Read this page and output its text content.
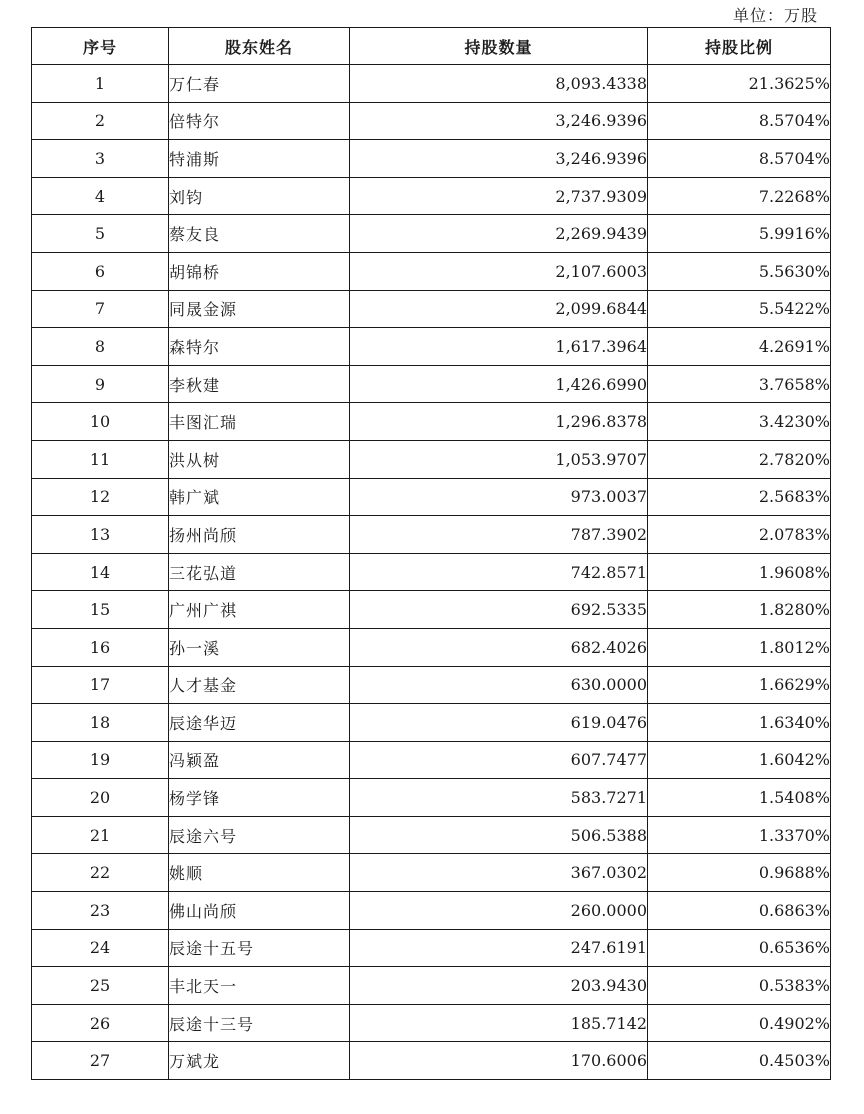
单位：万股
序号	股东姓名	持股数量	持股比例
1	万仁春	8,093.4338	21.3625%
2	倍特尔	3,246.9396	8.5704%
3	特浦斯	3,246.9396	8.5704%
4	刘钧	2,737.9309	7.2268%
5	蔡友良	2,269.9439	5.9916%
6	胡锦桥	2,107.6003	5.5630%
7	同晟金源	2,099.6844	5.5422%
8	森特尔	1,617.3964	4.2691%
9	李秋建	1,426.6990	3.7658%
10	丰图汇瑞	1,296.8378	3.4230%
11	洪从树	1,053.9707	2.7820%
12	韩广斌	973.0037	2.5683%
13	扬州尚颀	787.3902	2.0783%
14	三花弘道	742.8571	1.9608%
15	广州广祺	692.5335	1.8280%
16	孙一溪	682.4026	1.8012%
17	人才基金	630.0000	1.6629%
18	辰途华迈	619.0476	1.6340%
19	冯颖盈	607.7477	1.6042%
20	杨学锋	583.7271	1.5408%
21	辰途六号	506.5388	1.3370%
22	姚顺	367.0302	0.9688%
23	佛山尚颀	260.0000	0.6863%
24	辰途十五号	247.6191	0.6536%
25	丰北天一	203.9430	0.5383%
26	辰途十三号	185.7142	0.4902%
27	万斌龙	170.6006	0.4503%
